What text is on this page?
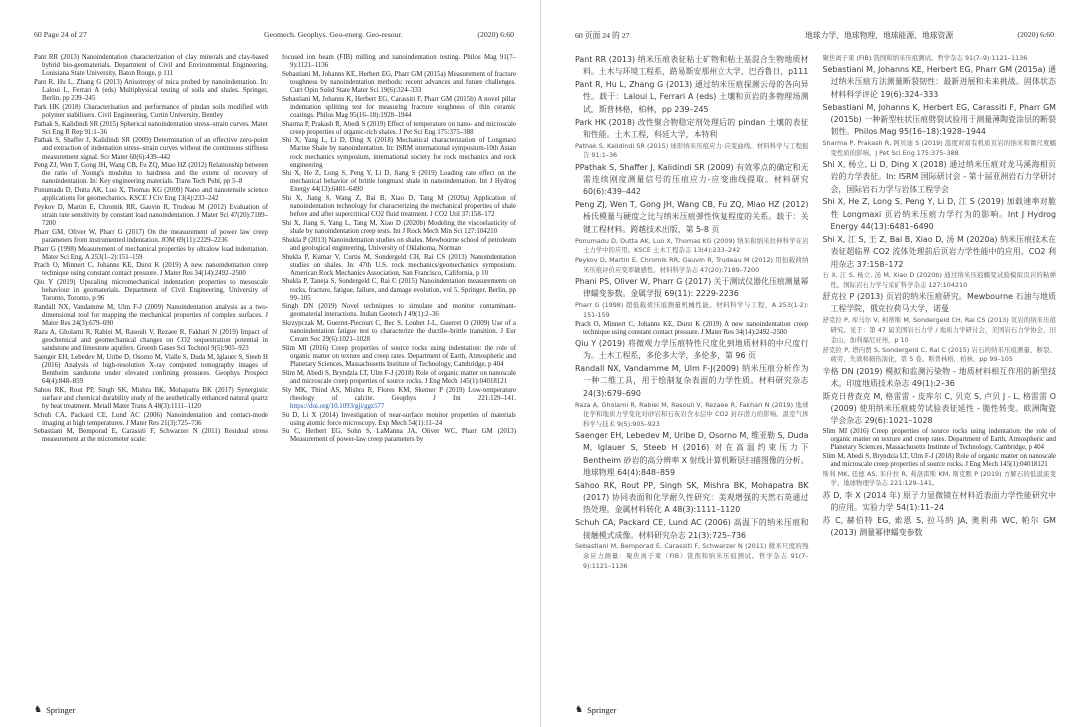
60 Page 24 of 27	Geomech. Geophys. Geo-energ. Geo-resour.	(2020) 6:60

Pant RR (2013) Nanoindentation characterization of clay minerals and clay-based hybrid bio-geomaterials. Department of Civil and Environmental Engineering, Louisiana State University, Baton Rouge, p 111

Pant R, Hu L, Zhang G (2013) Anisotropy of mica probed by nanoindentation. In: Laloui L, Ferrari A (eds) Multiphysical testing of soils and shales. Springer, Berlin, pp 239–245

Park HK (2018) Characterisation and performance of pindan soils modified with polymer stabilisers. Civil Engineering, Curtin University, Bentley

Pathak S, Kalidindi SR (2015) Spherical nanoindentation stress–strain curves. Mater Sci Eng R Rep 91:1–36

Pathak S, Shaffer J, Kalidindi SR (2009) Determination of an effective zero-point and extraction of indentation stress–strain curves without the continuous stiffness measurement signal. Scr Mater 60(6):439–442

Peng ZJ, Wen T, Gong JH, Wang CB, Fu ZQ, Miao HZ (2012) Relationship between the ratio of Young's modulus to hardness and the extent of recovery of nanoindentation. In: Key engineering materials. Trans Tech Publ, pp 5–8

Ponumadu D, Dutta AK, Luo X, Thomas KG (2009) Nano and nanotensile science applications for geomechanics. KSCE J Civ Eng 13(4):233–242

Peykov D, Martin E, Chromik RR, Gauvin R, Trudeau M (2012) Evaluation of strain rate sensitivity by constant load nanoindentation. J Mater Sci 47(20):7189–7200

Pharr GM, Oliver W, Pharr G (2017) On the measurement of power law creep parameters from instrumented indentation. JOM 69(11):2229–2236

Pharr G (1998) Measurement of mechanical properties by ultralow load indentation. Mater Sci Eng, A 253(1–2):151–159

Prach O, Minnert C, Johanns KE, Durst K (2019) A new nanoindentation creep technique using constant contact pressure. J Mater Res 34(14):2492–2500

Qiu Y (2019) Upscaling micromechanical indentation properties to mesoscale behaviour in geomaterials. Department of Civil Engineering, University of Toronto, Toronto, p 96

Randall NX, Vandamme M, Ulm F-J (2009) Nanoindentation analysis as a two-dimensional tool for mapping the mechanical properties of complex surfaces. J Mater Res 24(3):679–690

Raza A, Gholami R, Rabiei M, Rasouli V, Rezaee R, Fakhari N (2019) Impact of geochemical and geomechanical changes on CO2 sequestration potential in sandstone and limestone aquifers. Greenh Gases Sci Technol 9(5):905–923

Saenger EH, Lebedev M, Uribe D, Osorno M, Vialle S, Duda M, Iglauer S, Steeb H (2016) Analysis of high-resolution X-ray computed tomography images of Bentheim sandstone under elevated confining pressures. Geophys Prospect 64(4):848–859

Sahoo RK, Rout PP, Singh SK, Mishra BK, Mohapatra BK (2017) Synergistic surface and chemical durability study of the aesthetically enhanced natural quartz by heat treatment. Metall Mater Trans A 48(3):1111–1120

Schuh CA, Packard CE, Lund AC (2006) Nanoindentation and contact-mode imaging at high temperatures. J Mater Res 21(3):725–736

Sebastiani M, Bemporad E, Carassiti F, Schwarzer N (2011) Residual stress measurement at the micrometer scale:

focused ion beam (FIB) milling and nanoindentation testing. Philos Mag 91(7–9):1121–1136

Sebastiani M, Johanns KE, Herbert EG, Pharr GM (2015a) Measurement of fracture toughness by nanoindentation methods: recent advances and future challenges. Curr Opin Solid State Mater Sci 19(6):324–333

Sebastiani M, Johanns K, Herbert EG, Carassiti F, Pharr GM (2015b) A novel pillar indentation splitting test for measuring fracture toughness of thin ceramic coatings. Philos Mag 95(16–18):1928–1944

Sharma P, Prakash R, Abedi S (2019) Effect of temperature on nano- and microscale creep properties of organic-rich shales. J Pet Sci Eng 175:375–388

Shi X, Yang L, Li D, Ding X (2018) Mechanical characterization of Longmaxi Marine Shale by nanoindentation. In: ISRM international symposium-10th Asian rock mechanics symposium, international society for rock mechanics and rock engineering

Shi X, He Z, Long S, Peng Y, Li D, Jiang S (2019) Loading rate effect on the mechanical behavior of brittle longmaxi shale in nanoindentation. Int J Hydrog Energy 44(13):6481–6490

Shi X, Jiang S, Wang Z, Bai B, Xiao D, Tang M (2020a) Application of nanoindentation technology for characterizing the mechanical properties of shale before and after supercritical CO2 fluid treatment. J CO2 Util 37:158–172

Shi X, Jiang S, Yang L, Tang M, Xiao D (2020b) Modeling the viscoelasticity of shale by nanoindentation creep tests. Int J Rock Mech Min Sci 127:104210

Shukla P (2013) Nanoindentation studies on shales. Mewbourne school of petroleum and geological engineering, University of Oklahoma, Norman

Shukla P, Kumar V, Curtis M, Sondergeld CH, Rai CS (2013) Nanoindentation studies on shales. In: 47th U.S. rock mechanics/geomechanics symposium. American Rock Mechanics Association, San Francisco, California, p 10

Shukla P, Taneja S, Sondergeld C, Rai C (2015) Nanoindentation measurements on rocks, fracture, fatigue, failure, and damage evolution, vol 5. Springer, Berlin, pp 99–105

Singh DN (2019) Novel techniques to simulate and monitor contaminant-geomaterial interactions. Indian Geotech J 49(1):2–36

Skrzypczak M, Guerret-Piecourt C, Bec S, Loubet J-L, Guerret O (2009) Use of a nanoindentation fatigue test to characterize the ductile–brittle transition. J Eur Ceram Soc 29(6):1021–1028

Slim MI (2016) Creep properties of source rocks using indentation: the role of organic matter on texture and creep rates. Department of Earth, Atmospheric and Planetary Sciences, Massachusetts Institute of Technology, Cambridge, p 404

Slim M, Abedi S, Bryndzia LT, Ulm F-J (2018) Role of organic matter on nanoscale and microscale creep properties of source rocks. J Eng Mech 145(1):04018121

Sly MK, Thind AS, Mishra R, Flores KM, Skemer P (2019) Low-temperature rheology of calcite. Geophys J Int 221:129–141. https://doi.org/10.1093/gji/ggz577

Su D, Li X (2014) Investigation of near-surface monitor properties of materials using atomic force microscopy. Exp Mech 54(1):11–24

Su C, Herbert EG, Sohn S, LaManna JA, Oliver WC, Pharr GM (2013) Measurement of power-law creep parameters by

♞ Springer
60 页面 24 的 27	地球力学、地球物理、地球能源、地球资源	(2020) 6:60

Pant RR (2013) 纳米压痕表征粘土矿物和粘土基混合生物地质材料。土木与环境工程系，路易斯安那州立大学，巴吞鲁日，p111

Pant R, Hu L, Zhang G (2013) 通过纳米压痕探测云母的各向异性。载于：Laloui L, Ferrari A (eds) 土壤和页岩的多物理场测试。斯普林格，柏林，pp 239–245

Park HK (2018) 改性聚合物稳定剂处理后的 pindan 土壤的表征和性能。土木工程，科廷大学，本特利

Pathak S, Kalidindi SR (2015) 球形纳米压痕应力-应变曲线。材料科学与工程报告 91:1–36

PPathak S, Shaffer J, Kalidindi SR (2009) 有效零点的确定和无需连续刚度测量信号的压痕应力-应变曲线提取。材料研究 60(6):439–442

Peng ZJ, Wen T, Gong JH, Wang CB, Fu ZQ, Miao HZ (2012) 杨氏模量与硬度之比与纳米压痕弹性恢复程度的关系。载于：关键工程材料。跨越技术出版，第 5-8 页

Ponumadu D, Dutta AK, Luo X, Thomas KG (2009) 纳米和纳米拉伸科学在岩土力学中的应用。KSCE 土木工程杂志 13(4):233–242

Peykov D, Martin E, Chromik RR, Gauvin R, Trudeau M (2012) 用恒载荷纳米压痕评价应变率敏感性。材料科学杂志 47(20):7189–7200

Phani PS, Oliver W, Pharr G (2017) 关于测试仪器化压痕测量幂律蠕变参数。金属学报 69(11): 2229-2236

Pharr G (1998) 超低载荷压痕测量机械性能。材料科学与工程，A 253(1-2): 151-159

Prach O, Minnert C, Johanns KE, Durst K (2019) A new nanoindentation creep technique using constant contact pressure. J Mater Res 34(14):2492–2500

Qiu Y (2019) 将微观力学压痕特性尺度化到地质材料的中尺度行为。土木工程系，多伦多大学，多伦多，第 96 页

Randall NX, Vandamme M, Ulm F-J(2009) 纳米压痕分析作为一种二维工具，用于绘制复杂表面的力学性质。材料研究杂志 24(3):679–690

Raza A, Gholami R, Rabiei M, Rasouli V, Rezaee R, Fakhari N (2019) 地球化学和地质力学变化对砂岩和石灰岩含水层中 CO2 封存潜力的影响。温室气体科学与技术 9(5):905–923

Saenger EH, Lebedev M, Uribe D, Osorno M, 维亚勒 S, Duda M, Iglauer S, Steeb H (2016) 对在高温约束压力下 Bentheim 砂岩的高分辨率 X 射线计算机断层扫描图像的分析。地球物理 64(4):848–859

Sahoo RK, Rout PP, Singh SK, Mishra BK, Mohapatra BK (2017) 协同表面和化学耐久性研究：美观增强的天然石英通过热处理。金属材料转化 A 48(3):1111–1120

Schuh CA, Packard CE, Lund AC (2006) 高温下的纳米压痕和接触模式成像。材料研究杂志 21(3):725–736

Sebastiani M, Bemporad E, Carassiti F, Schwarzer N (2011) 微米尺度的残余应力测量：聚焦离子束（FIB）铣削和纳米压痕测试。哲学杂志 91(7–9):1121–1136

聚焦离子束 (FIB) 铣削和纳米压痕测试。哲学杂志 91(7–9):1121–1136

Sebastiani M, Johanns KE, Herbert EG, Pharr GM (2015a) 通过纳米压痕方法测量断裂韧性：最新进展和未来挑战。固体状态材料科学评论 19(6):324–333

Sebastiani M, Johanns K, Herbert EG, Carassiti F, Pharr GM (2015b) 一种新型柱状压痕劈裂试验用于测量薄陶瓷涂层的断裂韧性。Philos Mag 95(16–18):1928–1944

Sharma P, Prakash R, 阿贝迪 S (2019) 温度对富有机质页岩的纳米和微尺度蠕变性质的影响。J Pet Sci Eng 175:375–388

Shi X, 杨立, Li D, Ding X (2018) 通过纳米压痕对龙马溪海相页岩的力学表征。In: ISRM 国际研讨会 - 第十届亚洲岩石力学研讨会，国际岩石力学与岩体工程学会

Shi X, He Z, Long S, Peng Y, Li D, 江 S (2019) 加载速率对脆性 Longmaxi 页岩纳米压痕力学行为的影响。Int J Hydrog Energy 44(13):6481–6490

Shi X, 江 S, 王 Z, Bai B, Xiao D, 汤 M (2020a) 纳米压痕技术在表征超临界 CO2 流体处理前后页岩力学性能中的应用。CO2 利用杂志 37:158–172

石 X, 江 S, 杨立, 汤 M, Xiao D (2020b) 通过纳米压痕蠕变试验模拟页岩的粘弹性。国际岩石力学与采矿科学杂志 127:104210

舒克拉 P (2013) 页岩的纳米压痕研究。Mewbourne 石油与地质工程学院，俄克拉荷马大学，诺曼

舒克拉 P, 库马尔 V, 柯蒂斯 M, Sondergeld CH, Rai CS (2013) 页岩的纳米压痕研究。见于：第 47 届美国岩石力学 / 地质力学研讨会，美国岩石力学协会，旧金山，加利福尼亚州，p 10

舒克拉 P, 塔内贾 S, Sondergeld C, Rai C (2015) 岩石的纳米压痕测量、断裂、疲劳、失效和损伤演化，第 5 卷。斯普林格，柏林，pp 99–105

辛格 DN (2019) 模拟和监测污染物 - 地质材料相互作用的新型技术。印度地质技术杂志 49(1):2–36

斯克日普查克 M, 格雷雷 - 皮库尔 C, 贝克 S, 卢贝 J - L, 格雷雷 O (2009) 使用纳米压痕疲劳试验表征延性 - 脆性转变。欧洲陶瓷学会杂志 29(6):1021–1028

Slim MI (2016) Creep properties of source rocks using indentation: the role of organic matter on texture and creep rates. Department of Earth, Atmospheric and Planetary Sciences, Massachusetts Institute of Technology, Cambridge, p 404

Slim M, Abedi S, Bryndzia LT, Ulm F-J (2018) Role of organic matter on nanoscale and microscale creep properties of source rocks. J Eng Mech 145(1):04018121

斯利 MK, 廷德 AS, 米什拉 R, 弗洛雷斯 KM, 斯克默 P (2019) 方解石的低温流变学。地球物理学杂志 221:129–141。

苏 D, 李 X (2014 年) 原子力显微镜在材料近表面力学性能研究中的应用。实验力学 54(1):11–24

苏 C, 赫伯特 EG, 索恩 S, 拉马纳 JA, 奥利弗 WC, 帕尔 GM (2013) 测量幂律蠕变参数

♞ Springer
